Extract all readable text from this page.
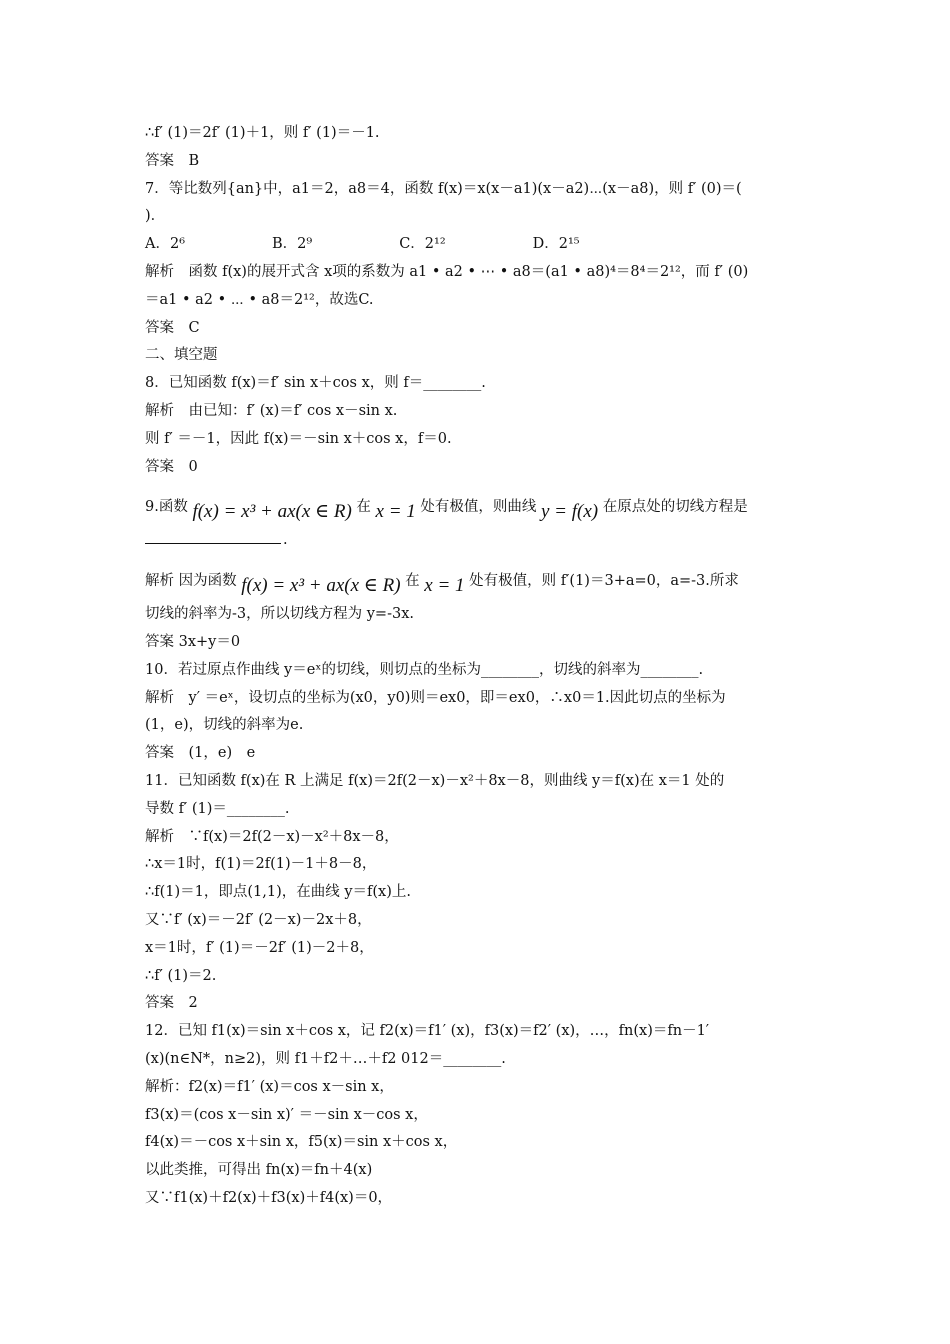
∴f′ (1)＝2f′ (1)＋1，则 f′ (1)＝－1.
答案　B
7．等比数列{an}中，a1＝2，a8＝4，函数 f(x)＝x(x－a1)(x－a2)⋯(x－a8)，则 f′ (0)＝(
)．
A．2⁶　　　　　　B．2⁹　　　　　　C．2¹²　　　　　　D．2¹⁵
解析　函数 f(x)的展开式含 x项的系数为 a1 • a2 • ⋯ • a8＝(a1 • a8)⁴＝8⁴＝2¹²，而 f′ (0)
＝a1 • a2 • ⋯ • a8＝2¹²，故选C.
答案　C
二、填空题
8．已知函数 f(x)＝f′ sin x＋cos x，则 f＝________.
解析　由已知：f′ (x)＝f′ cos x－sin x.
则 f′ ＝－1，因此 f(x)＝－sin x＋cos x，f＝0.
答案　0
9.函数 f(x) = x³ + ax(x ∈ R) 在 x = 1 处有极值，则曲线 y = f(x) 在原点处的切线方程是
.
解析 因为函数 f(x) = x³ + ax(x ∈ R) 在 x = 1 处有极值，则 f′(1)＝3+a=0，a=-3.所求
切线的斜率为-3，所以切线方程为 y=-3x.
答案 3x+y＝0
10．若过原点作曲线 y＝eˣ的切线，则切点的坐标为________，切线的斜率为________.
解析　y′ ＝eˣ，设切点的坐标为(x0，y0)则＝ex0，即＝ex0，∴x0＝1.因此切点的坐标为
(1，e)，切线的斜率为e.
答案　(1，e)　e
11．已知函数 f(x)在 R 上满足 f(x)＝2f(2－x)－x²＋8x－8，则曲线 y＝f(x)在 x＝1 处的
导数 f′ (1)＝________.
解析　∵f(x)＝2f(2－x)－x²＋8x－8，
∴x＝1时，f(1)＝2f(1)－1＋8－8，
∴f(1)＝1，即点(1,1)，在曲线 y＝f(x)上.
又∵f′ (x)＝－2f′ (2－x)－2x＋8，
x＝1时，f′ (1)＝－2f′ (1)－2＋8，
∴f′ (1)＝2.
答案　2
12．已知 f1(x)＝sin x＋cos x，记 f2(x)＝f1′ (x)，f3(x)＝f2′ (x)，…，fn(x)＝fn－1′
(x)(n∈N*，n≥2)，则 f1＋f2＋…＋f2 012＝________.
解析：f2(x)＝f1′ (x)＝cos x－sin x，
f3(x)＝(cos x－sin x)′ ＝－sin x－cos x，
f4(x)＝－cos x＋sin x，f5(x)＝sin x＋cos x，
以此类推，可得出 fn(x)＝fn＋4(x)
又∵f1(x)＋f2(x)＋f3(x)＋f4(x)＝0，
